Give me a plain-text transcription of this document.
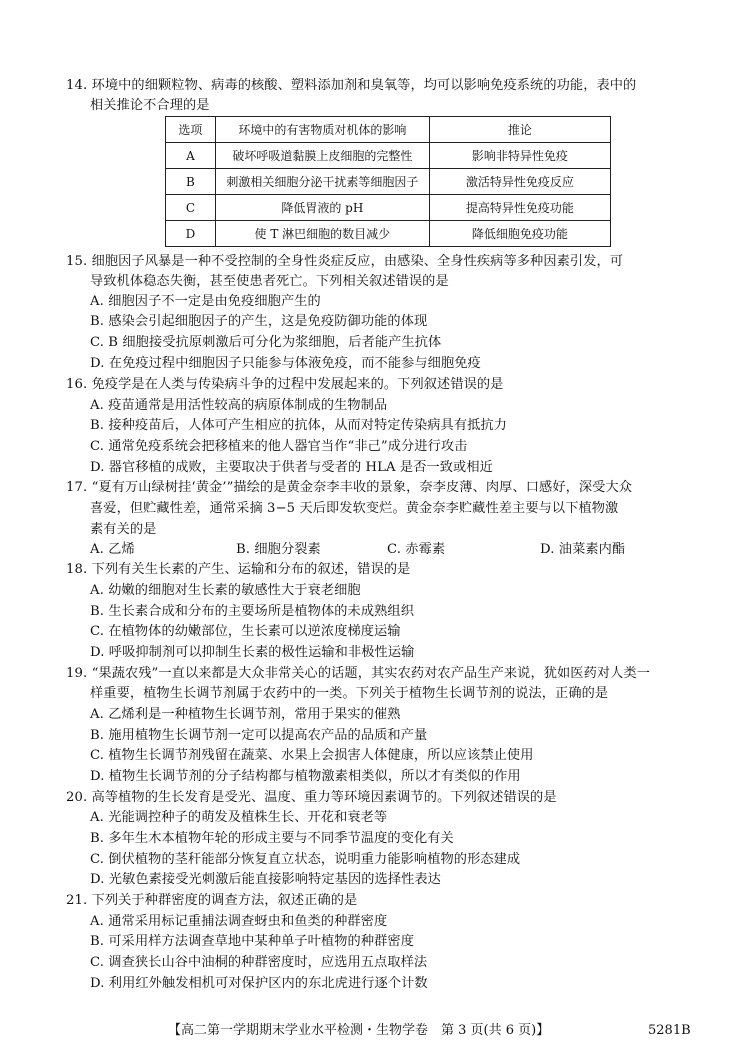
14. 环境中的细颗粒物、病毒的核酸、塑料添加剂和臭氧等，均可以影响免疫系统的功能，表中的
相关推论不合理的是
选项	环境中的有害物质对机体的影响	推论
A	破坏呼吸道黏膜上皮细胞的完整性	影响非特异性免疫
B	刺激相关细胞分泌干扰素等细胞因子	激活特异性免疫反应
C	降低胃液的 pH	提高特异性免疫功能
D	使 T 淋巴细胞的数目减少	降低细胞免疫功能
15. 细胞因子风暴是一种不受控制的全身性炎症反应，由感染、全身性疾病等多种因素引发，可
导致机体稳态失衡，甚至使患者死亡。下列相关叙述错误的是
A. 细胞因子不一定是由免疫细胞产生的
B. 感染会引起细胞因子的产生，这是免疫防御功能的体现
C. B 细胞接受抗原刺激后可分化为浆细胞，后者能产生抗体
D. 在免疫过程中细胞因子只能参与体液免疫，而不能参与细胞免疫
16. 免疫学是在人类与传染病斗争的过程中发展起来的。下列叙述错误的是
A. 疫苗通常是用活性较高的病原体制成的生物制品
B. 接种疫苗后，人体可产生相应的抗体，从而对特定传染病具有抵抗力
C. 通常免疫系统会把移植来的他人器官当作“非己”成分进行攻击
D. 器官移植的成败，主要取决于供者与受者的 HLA 是否一致或相近
17. “夏有万山绿树挂‘黄金’”描绘的是黄金奈李丰收的景象，奈李皮薄、肉厚、口感好，深受大众
喜爱，但贮藏性差，通常采摘 3−5 天后即发软变烂。黄金奈李贮藏性差主要与以下植物激
素有关的是
A. 乙烯	B. 细胞分裂素	C. 赤霉素	D. 油菜素内酯
18. 下列有关生长素的产生、运输和分布的叙述，错误的是
A. 幼嫩的细胞对生长素的敏感性大于衰老细胞
B. 生长素合成和分布的主要场所是植物体的未成熟组织
C. 在植物体的幼嫩部位，生长素可以逆浓度梯度运输
D. 呼吸抑制剂可以抑制生长素的极性运输和非极性运输
19. “果蔬农残”一直以来都是大众非常关心的话题，其实农药对农产品生产来说，犹如医药对人类一
样重要，植物生长调节剂属于农药中的一类。下列关于植物生长调节剂的说法，正确的是
A. 乙烯利是一种植物生长调节剂，常用于果实的催熟
B. 施用植物生长调节剂一定可以提高农产品的品质和产量
C. 植物生长调节剂残留在蔬菜、水果上会损害人体健康，所以应该禁止使用
D. 植物生长调节剂的分子结构都与植物激素相类似，所以才有类似的作用
20. 高等植物的生长发育是受光、温度、重力等环境因素调节的。下列叙述错误的是
A. 光能调控种子的萌发及植株生长、开花和衰老等
B. 多年生木本植物年轮的形成主要与不同季节温度的变化有关
C. 倒伏植物的茎秆能部分恢复直立状态，说明重力能影响植物的形态建成
D. 光敏色素接受光刺激后能直接影响特定基因的选择性表达
21. 下列关于种群密度的调查方法，叙述正确的是
A. 通常采用标记重捕法调查蚜虫和鱼类的种群密度
B. 可采用样方法调查草地中某种单子叶植物的种群密度
C. 调查狭长山谷中油桐的种群密度时，应选用五点取样法
D. 利用红外触发相机可对保护区内的东北虎进行逐个计数
【高二第一学期期末学业水平检测・生物学卷　第 3 页(共 6 页)】	5281B
